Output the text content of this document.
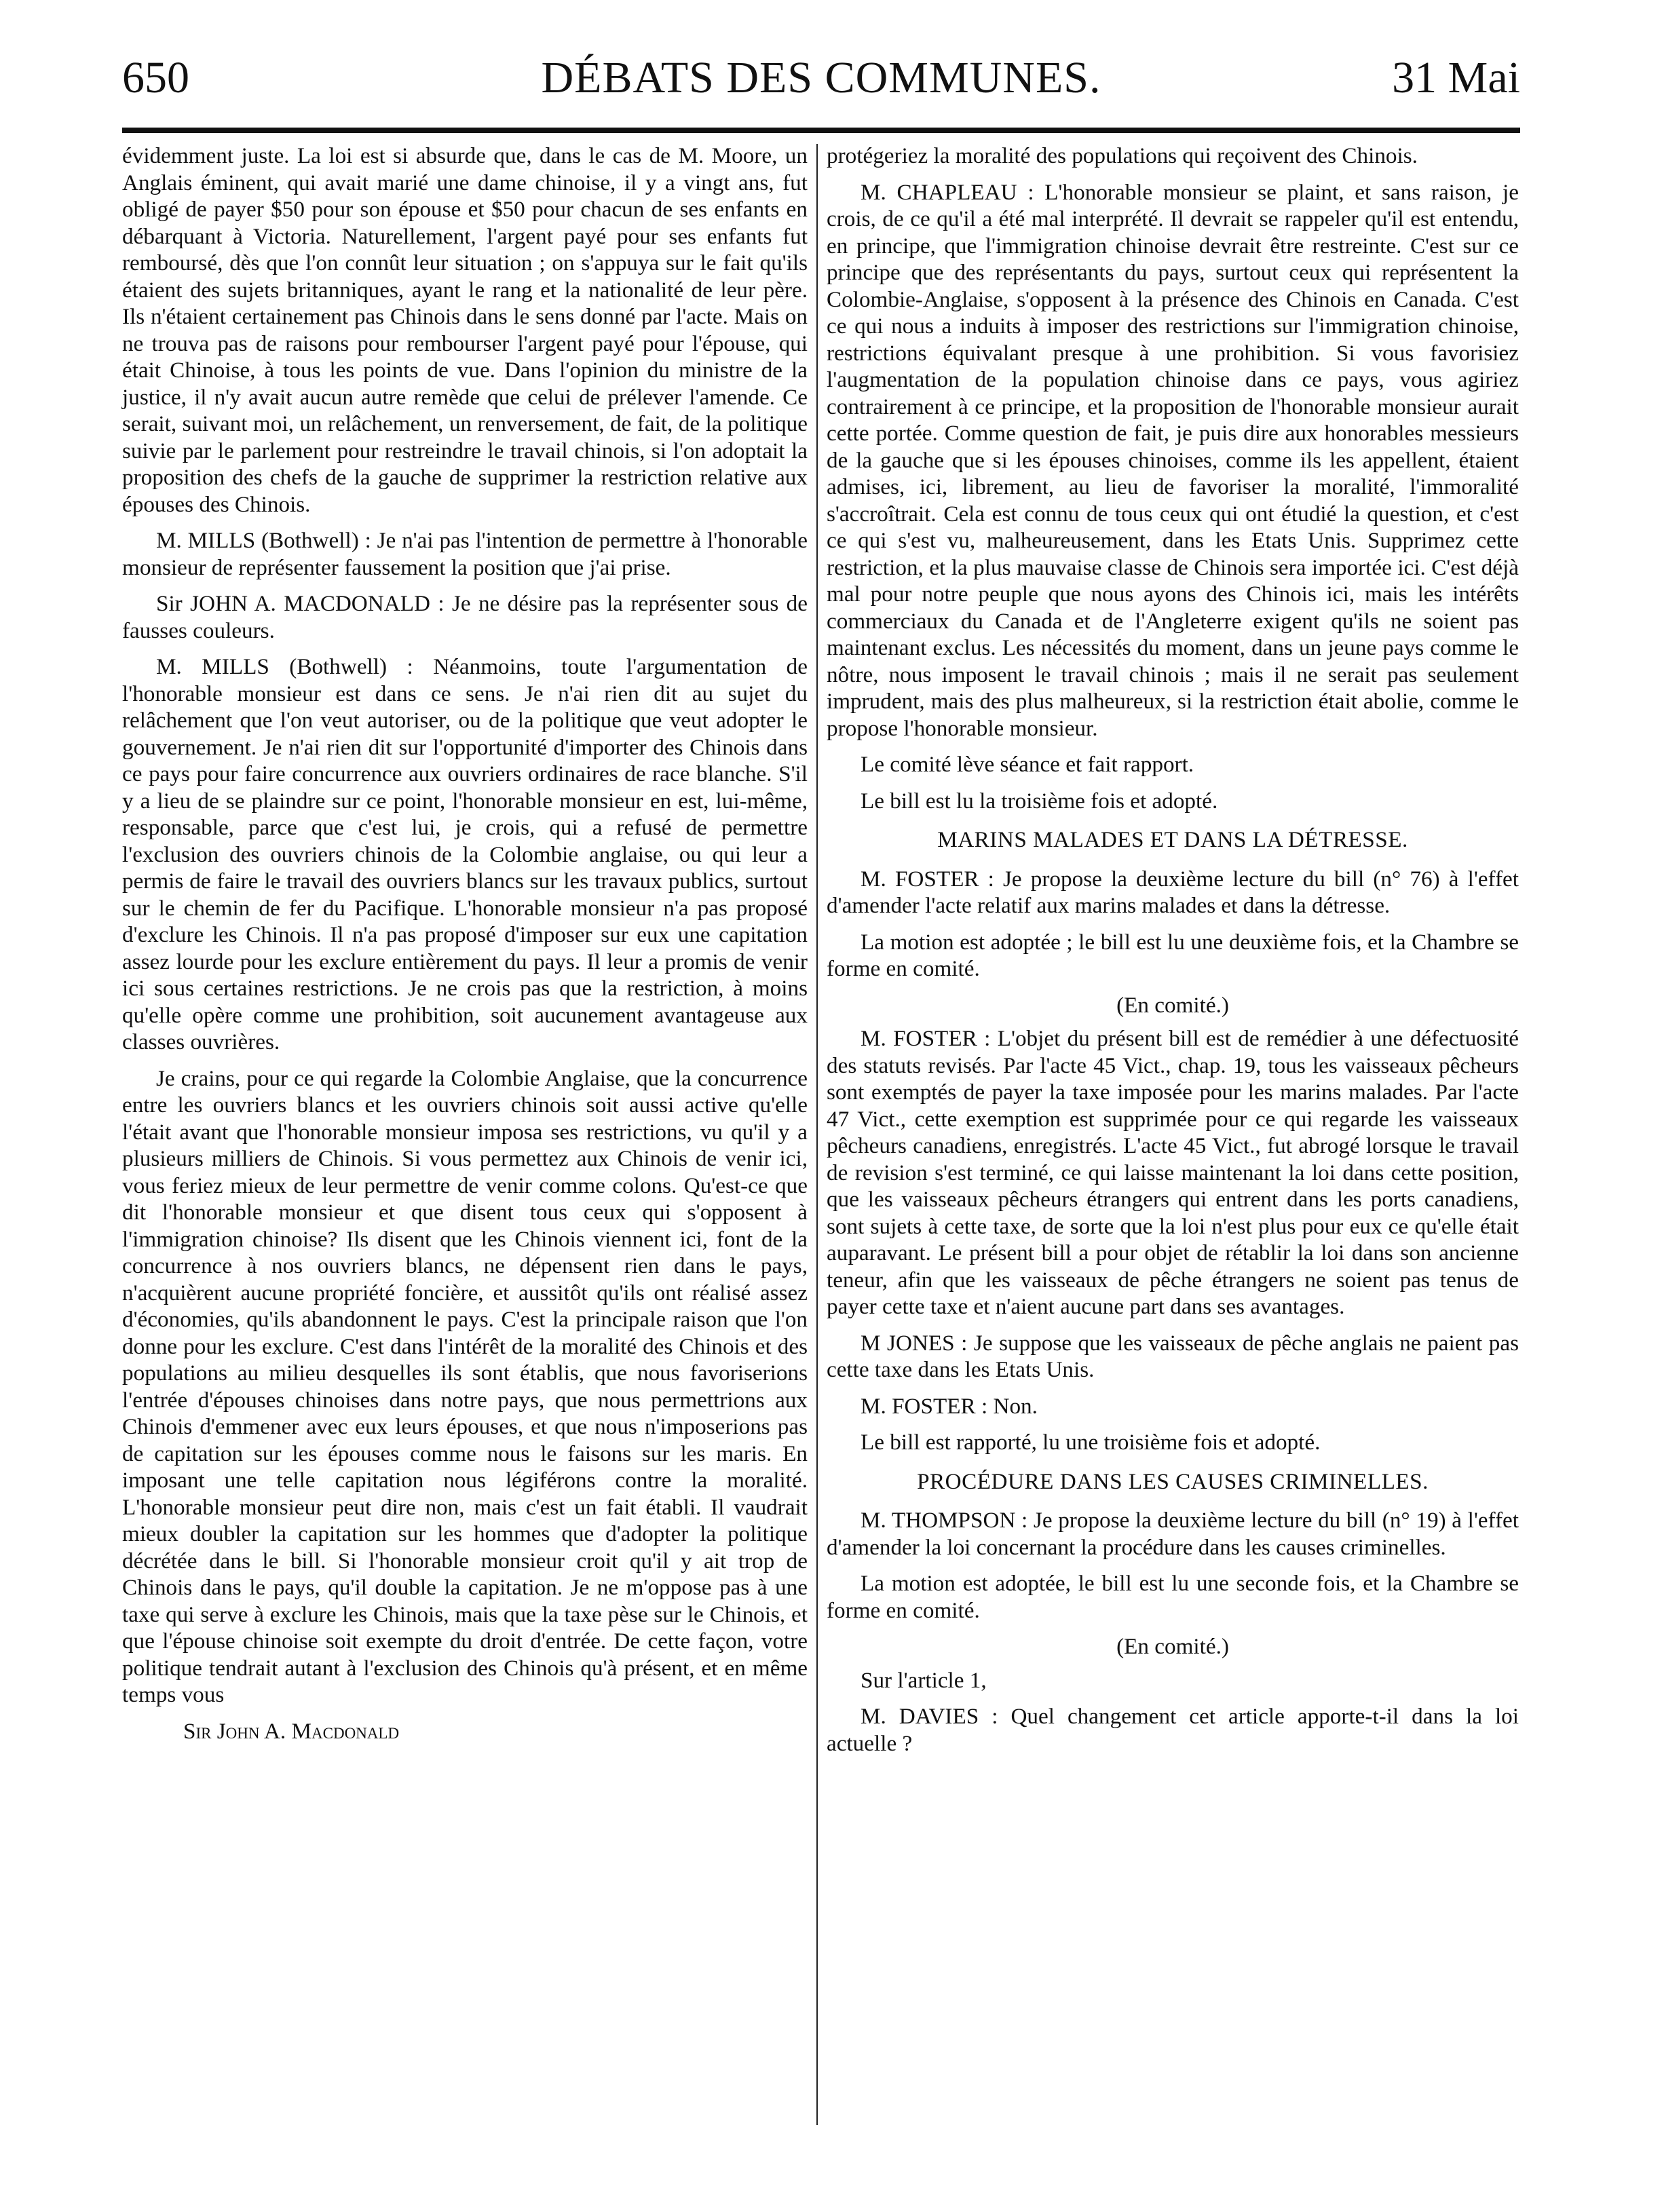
650	DÉBATS DES COMMUNES.	31 Mai

évidemment juste. La loi est si absurde que, dans le cas de M. Moore, un Anglais éminent, qui avait marié une dame chinoise, il y a vingt ans, fut obligé de payer $50 pour son épouse et $50 pour chacun de ses enfants en débarquant à Victoria. Naturellement, l'argent payé pour ses enfants fut remboursé, dès que l'on connût leur situation ; on s'appuya sur le fait qu'ils étaient des sujets britanniques, ayant le rang et la nationalité de leur père. Ils n'étaient certainement pas Chinois dans le sens donné par l'acte. Mais on ne trouva pas de raisons pour rembourser l'argent payé pour l'épouse, qui était Chinoise, à tous les points de vue. Dans l'opinion du ministre de la justice, il n'y avait aucun autre remède que celui de prélever l'amende. Ce serait, suivant moi, un relâchement, un renversement, de fait, de la politique suivie par le parlement pour restreindre le travail chinois, si l'on adoptait la proposition des chefs de la gauche de supprimer la restriction relative aux épouses des Chinois.

M. MILLS (Bothwell) : Je n'ai pas l'intention de permettre à l'honorable monsieur de représenter faussement la position que j'ai prise.

Sir JOHN A. MACDONALD : Je ne désire pas la représenter sous de fausses couleurs.

M. MILLS (Bothwell) : Néanmoins, toute l'argumentation de l'honorable monsieur est dans ce sens. Je n'ai rien dit au sujet du relâchement que l'on veut autoriser, ou de la politique que veut adopter le gouvernement. Je n'ai rien dit sur l'opportunité d'importer des Chinois dans ce pays pour faire concurrence aux ouvriers ordinaires de race blanche. S'il y a lieu de se plaindre sur ce point, l'honorable monsieur en est, lui-même, responsable, parce que c'est lui, je crois, qui a refusé de permettre l'exclusion des ouvriers chinois de la Colombie anglaise, ou qui leur a permis de faire le travail des ouvriers blancs sur les travaux publics, surtout sur le chemin de fer du Pacifique. L'honorable monsieur n'a pas proposé d'exclure les Chinois. Il n'a pas proposé d'imposer sur eux une capitation assez lourde pour les exclure entièrement du pays. Il leur a promis de venir ici sous certaines restrictions. Je ne crois pas que la restriction, à moins qu'elle opère comme une prohibition, soit aucunement avantageuse aux classes ouvrières.

Je crains, pour ce qui regarde la Colombie Anglaise, que la concurrence entre les ouvriers blancs et les ouvriers chinois soit aussi active qu'elle l'était avant que l'honorable monsieur imposa ses restrictions, vu qu'il y a plusieurs milliers de Chinois. Si vous permettez aux Chinois de venir ici, vous feriez mieux de leur permettre de venir comme colons. Qu'est-ce que dit l'honorable monsieur et que disent tous ceux qui s'opposent à l'immigration chinoise? Ils disent que les Chinois viennent ici, font de la concurrence à nos ouvriers blancs, ne dépensent rien dans le pays, n'acquièrent aucune propriété foncière, et aussitôt qu'ils ont réalisé assez d'économies, qu'ils abandonnent le pays. C'est la principale raison que l'on donne pour les exclure. C'est dans l'intérêt de la moralité des Chinois et des populations au milieu desquelles ils sont établis, que nous favoriserions l'entrée d'épouses chinoises dans notre pays, que nous permettrions aux Chinois d'emmener avec eux leurs épouses, et que nous n'imposerions pas de capitation sur les épouses comme nous le faisons sur les maris. En imposant une telle capitation nous légiférons contre la moralité. L'honorable monsieur peut dire non, mais c'est un fait établi. Il vaudrait mieux doubler la capitation sur les hommes que d'adopter la politique décrétée dans le bill. Si l'honorable monsieur croit qu'il y ait trop de Chinois dans le pays, qu'il double la capitation. Je ne m'oppose pas à une taxe qui serve à exclure les Chinois, mais que la taxe pèse sur le Chinois, et que l'épouse chinoise soit exempte du droit d'entrée. De cette façon, votre politique tendrait autant à l'exclusion des Chinois qu'à présent, et en même temps vous

Sir John A. Macdonald

protégeriez la moralité des populations qui reçoivent des Chinois.

M. CHAPLEAU : L'honorable monsieur se plaint, et sans raison, je crois, de ce qu'il a été mal interprété. Il devrait se rappeler qu'il est entendu, en principe, que l'immigration chinoise devrait être restreinte. C'est sur ce principe que des représentants du pays, surtout ceux qui représentent la Colombie-Anglaise, s'opposent à la présence des Chinois en Canada. C'est ce qui nous a induits à imposer des restrictions sur l'immigration chinoise, restrictions équivalant presque à une prohibition. Si vous favorisiez l'augmentation de la population chinoise dans ce pays, vous agiriez contrairement à ce principe, et la proposition de l'honorable monsieur aurait cette portée. Comme question de fait, je puis dire aux honorables messieurs de la gauche que si les épouses chinoises, comme ils les appellent, étaient admises, ici, librement, au lieu de favoriser la moralité, l'immoralité s'accroîtrait. Cela est connu de tous ceux qui ont étudié la question, et c'est ce qui s'est vu, malheureusement, dans les Etats Unis. Supprimez cette restriction, et la plus mauvaise classe de Chinois sera importée ici. C'est déjà mal pour notre peuple que nous ayons des Chinois ici, mais les intérêts commerciaux du Canada et de l'Angleterre exigent qu'ils ne soient pas maintenant exclus. Les nécessités du moment, dans un jeune pays comme le nôtre, nous imposent le travail chinois ; mais il ne serait pas seulement imprudent, mais des plus malheureux, si la restriction était abolie, comme le propose l'honorable monsieur.

Le comité lève séance et fait rapport.

Le bill est lu la troisième fois et adopté.

MARINS MALADES ET DANS LA DÉTRESSE.

M. FOSTER : Je propose la deuxième lecture du bill (n° 76) à l'effet d'amender l'acte relatif aux marins malades et dans la détresse.

La motion est adoptée ; le bill est lu une deuxième fois, et la Chambre se forme en comité.

(En comité.)

M. FOSTER : L'objet du présent bill est de remédier à une défectuosité des statuts revisés. Par l'acte 45 Vict., chap. 19, tous les vaisseaux pêcheurs sont exemptés de payer la taxe imposée pour les marins malades. Par l'acte 47 Vict., cette exemption est supprimée pour ce qui regarde les vaisseaux pêcheurs canadiens, enregistrés. L'acte 45 Vict., fut abrogé lorsque le travail de revision s'est terminé, ce qui laisse maintenant la loi dans cette position, que les vaisseaux pêcheurs étrangers qui entrent dans les ports canadiens, sont sujets à cette taxe, de sorte que la loi n'est plus pour eux ce qu'elle était auparavant. Le présent bill a pour objet de rétablir la loi dans son ancienne teneur, afin que les vaisseaux de pêche étrangers ne soient pas tenus de payer cette taxe et n'aient aucune part dans ses avantages.

M JONES : Je suppose que les vaisseaux de pêche anglais ne paient pas cette taxe dans les Etats Unis.

M. FOSTER : Non.

Le bill est rapporté, lu une troisième fois et adopté.

PROCÉDURE DANS LES CAUSES CRIMINELLES.

M. THOMPSON : Je propose la deuxième lecture du bill (n° 19) à l'effet d'amender la loi concernant la procédure dans les causes criminelles.

La motion est adoptée, le bill est lu une seconde fois, et la Chambre se forme en comité.

(En comité.)

Sur l'article 1,

M. DAVIES : Quel changement cet article apporte-t-il dans la loi actuelle ?
